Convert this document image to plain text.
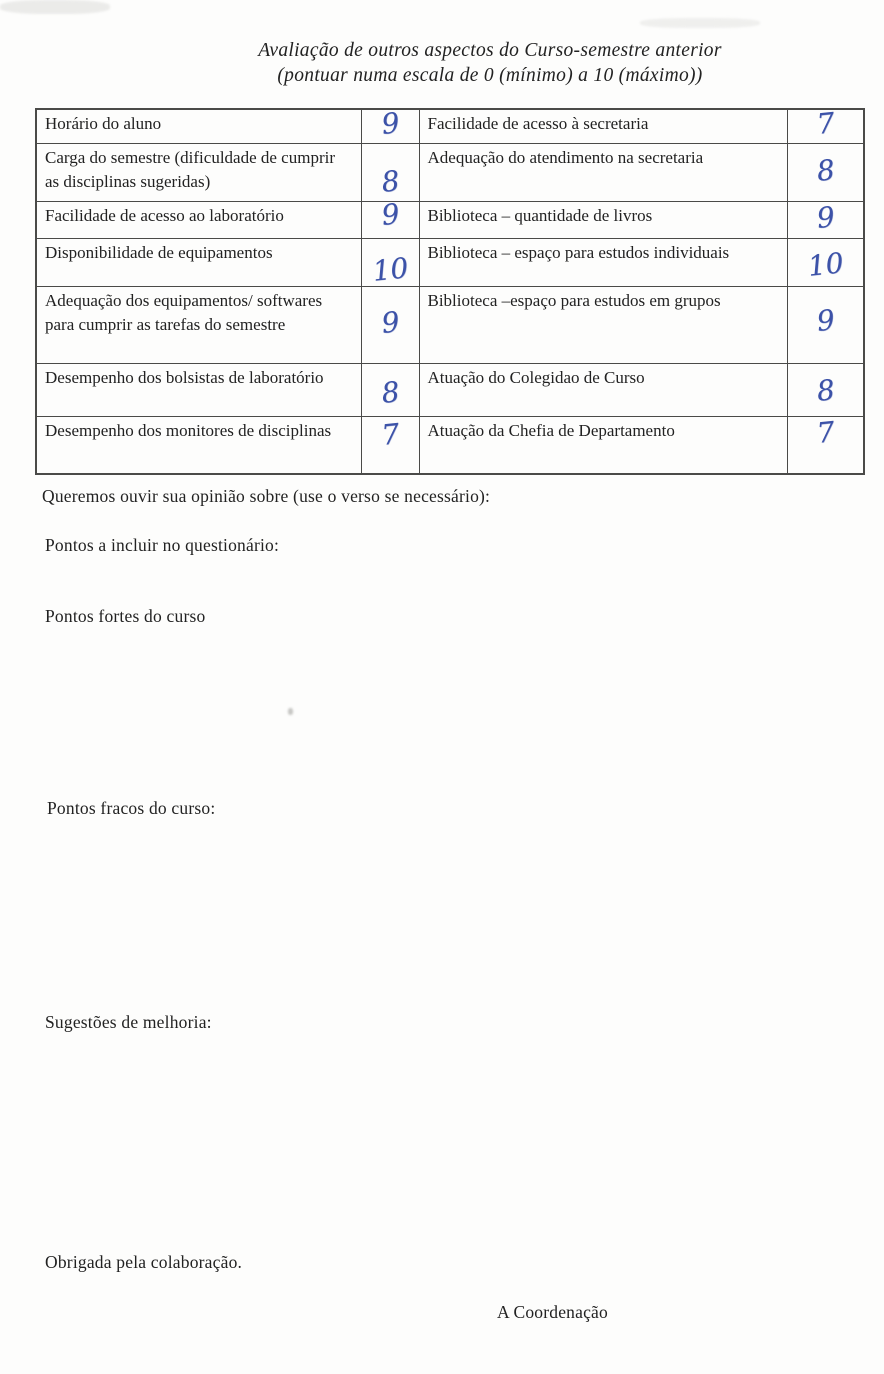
Avaliação de outros aspectos do Curso-semestre anterior
(pontuar numa escala de 0 (mínimo) a 10 (máximo))
Horário do aluno	9	Facilidade de acesso à secretaria	7

Carga do semestre (dificuldade de cumprir as disciplinas sugeridas)	8	Adequação do atendimento na secretaria	8

Facilidade de acesso ao laboratório	9	Biblioteca – quantidade de livros	9

Disponibilidade de equipamentos	10	Biblioteca – espaço para estudos individuais	10

Adequação dos equipamentos/ softwares para cumprir as tarefas do semestre	9	Biblioteca –espaço para estudos em grupos	9

Desempenho dos bolsistas de laboratório	8	Atuação do Colegidao de Curso	8

Desempenho dos monitores de disciplinas	7	Atuação da Chefia de Departamento	7
Queremos ouvir sua opinião sobre (use o verso se necessário):
Pontos a incluir no questionário:
Pontos fortes do curso
Pontos fracos do curso:
Sugestões de melhoria:
Obrigada pela colaboração.
A Coordenação
